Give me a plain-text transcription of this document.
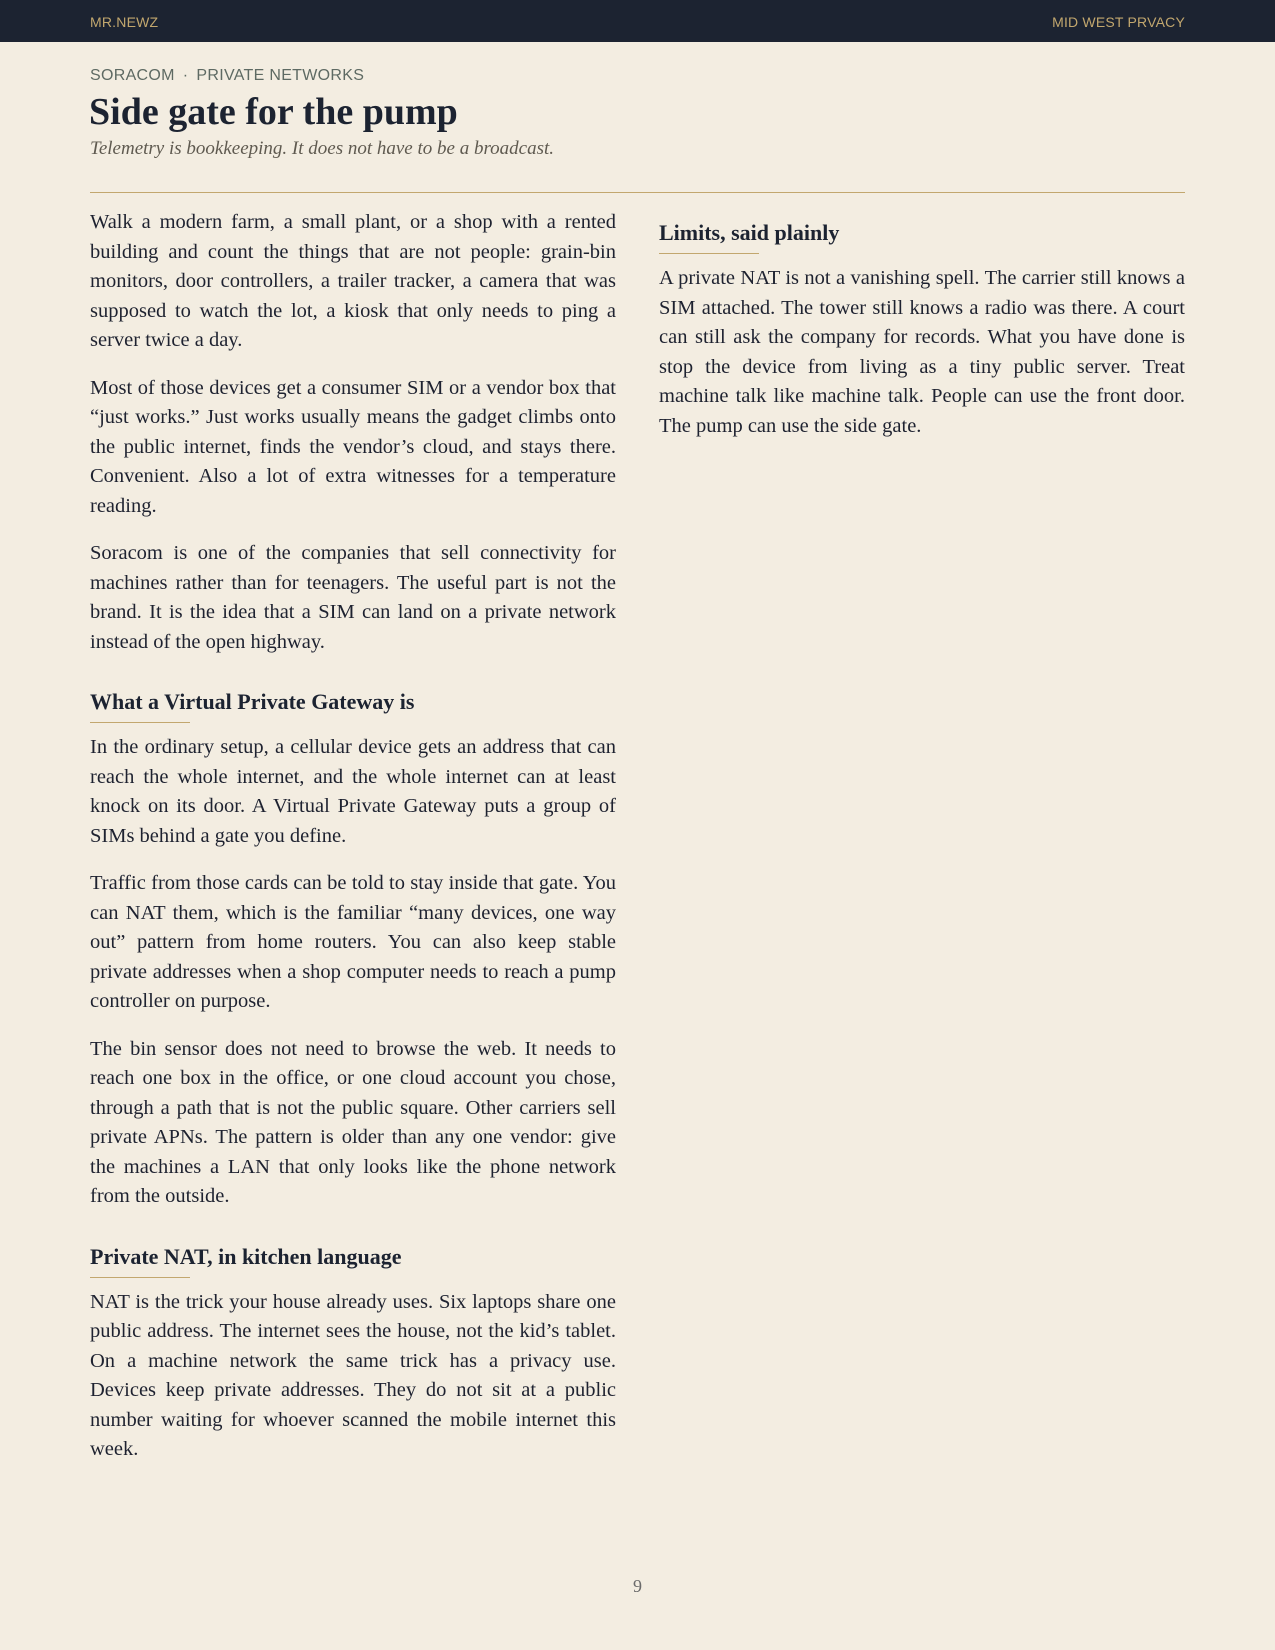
MR.NEWZ	MID WEST PRVACY
SORACOM · PRIVATE NETWORKS
Side gate for the pump

Telemetry is bookkeeping. It does not have to be a broadcast.

Walk a modern farm, a small plant, or a shop with a rented building and count the things that are not people: grain-bin monitors, door controllers, a trailer tracker, a camera that was supposed to watch the lot, a kiosk that only needs to ping a server twice a day.

Most of those devices get a consumer SIM or a vendor box that “just works.” Just works usually means the gadget climbs onto the public internet, finds the vendor’s cloud, and stays there. Convenient. Also a lot of extra witnesses for a temperature reading.

Soracom is one of the companies that sell connectivity for machines rather than for teenagers. The useful part is not the brand. It is the idea that a SIM can land on a private network instead of the open highway.

What a Virtual Private Gateway is

In the ordinary setup, a cellular device gets an address that can reach the whole internet, and the whole internet can at least knock on its door. A Virtual Private Gateway puts a group of SIMs behind a gate you define.

Traffic from those cards can be told to stay inside that gate. You can NAT them, which is the familiar “many devices, one way out” pattern from home routers. You can also keep stable private addresses when a shop computer needs to reach a pump controller on purpose.

The bin sensor does not need to browse the web. It needs to reach one box in the office, or one cloud account you chose, through a path that is not the public square. Other carriers sell private APNs. The pattern is older than any one vendor: give the machines a LAN that only looks like the phone network from the outside.

Private NAT, in kitchen language

NAT is the trick your house already uses. Six laptops share one public address. The internet sees the house, not the kid’s tablet. On a machine network the same trick has a privacy use. Devices keep private addresses. They do not sit at a public number waiting for whoever scanned the mobile internet this week.

Limits, said plainly

A private NAT is not a vanishing spell. The carrier still knows a SIM attached. The tower still knows a radio was there. A court can still ask the company for records. What you have done is stop the device from living as a tiny public server. Treat machine talk like machine talk. People can use the front door. The pump can use the side gate.

9
